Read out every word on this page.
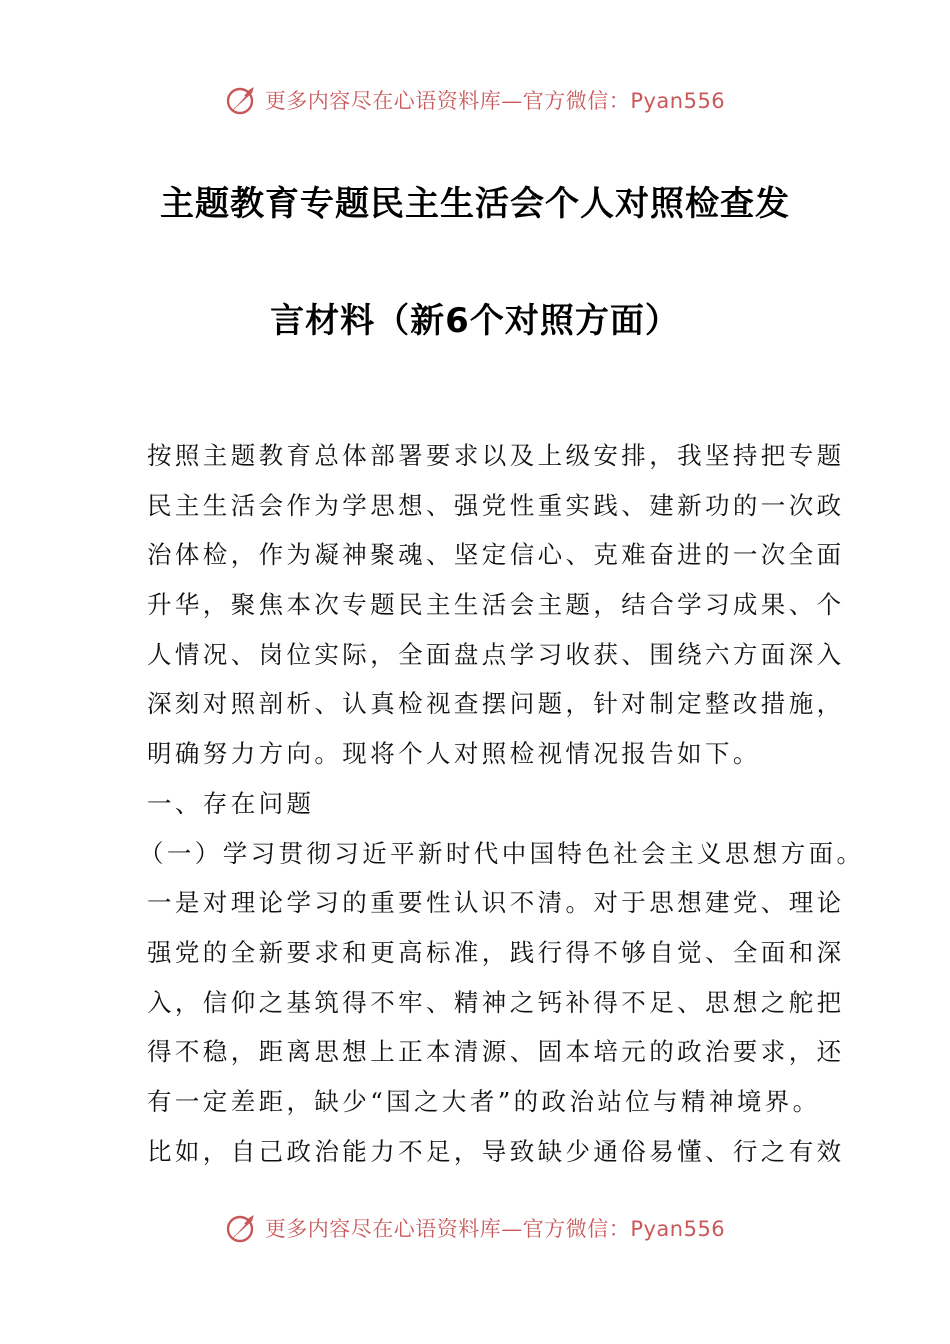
更多内容尽在心语资料库—官方微信：Pyan556
主题教育专题民主生活会个人对照检查发
言材料（新6个对照方面）
按照主题教育总体部署要求以及上级安排，我坚持把专题
民主生活会作为学思想、强党性重实践、建新功的一次政
治体检，作为凝神聚魂、坚定信心、克难奋进的一次全面
升华，聚焦本次专题民主生活会主题，结合学习成果、个
人情况、岗位实际，全面盘点学习收获、围绕六方面深入
深刻对照剖析、认真检视查摆问题，针对制定整改措施，
明确努力方向。现将个人对照检视情况报告如下。
一、存在问题
（一）学习贯彻习近平新时代中国特色社会主义思想方面。
一是对理论学习的重要性认识不清。对于思想建党、理论
强党的全新要求和更高标准，践行得不够自觉、全面和深
入，信仰之基筑得不牢、精神之钙补得不足、思想之舵把
得不稳，距离思想上正本清源、固本培元的政治要求，还
有一定差距，缺少“国之大者”的政治站位与精神境界。
比如，自己政治能力不足，导致缺少通俗易懂、行之有效
更多内容尽在心语资料库—官方微信：Pyan556
